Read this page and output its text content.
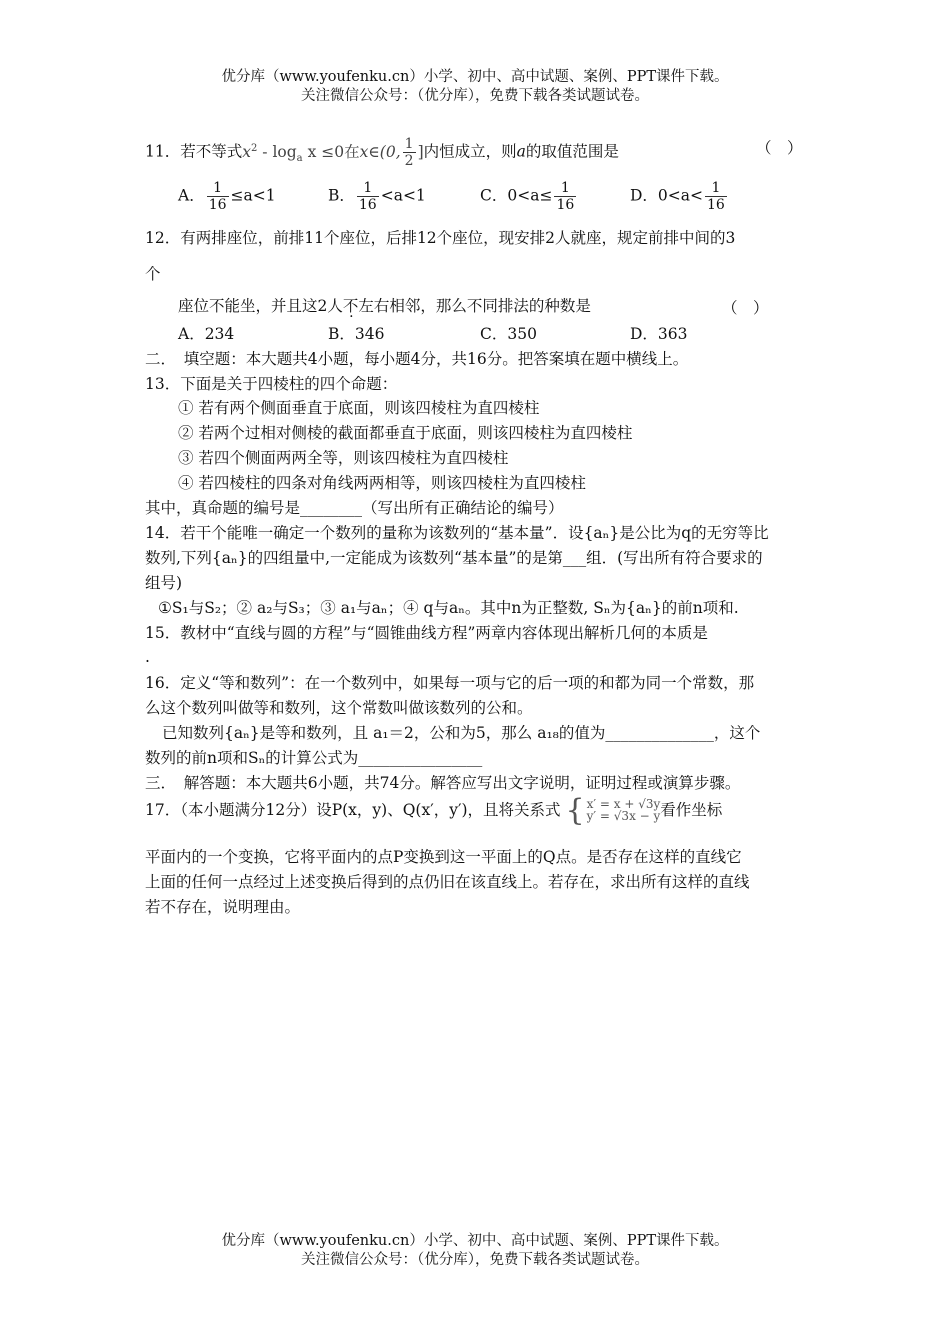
优分库（www.youfenku.cn）小学、初中、高中试题、案例、PPT课件下载。
关注微信公众号：（优分库），免费下载各类试题试卷。
11．若不等式$x^2 - \log_a x \le 0$在x∈(0, $\frac{1}{2}$ ]内恒成立，则a的取值范围是	（　）
A． $\frac{1}{16} \le a<1$	B． $\frac{1}{16} <a<1$	C．$0<a\le \frac{1}{16}$	D．$0<a< \frac{1}{16}$
12．有两排座位，前排11个座位，后排12个座位，现安排2人就座，规定前排中间的3
个
座位不能坐，并且这2人不左右相邻，那么不同排法的种数是	（　）
A．234	B．346	C．350	D．363
二．　填空题：本大题共4小题，每小题4分，共16分。把答案填在题中横线上。
13．下面是关于四棱柱的四个命题：
① 若有两个侧面垂直于底面，则该四棱柱为直四棱柱
② 若两个过相对侧棱的截面都垂直于底面，则该四棱柱为直四棱柱
③ 若四个侧面两两全等，则该四棱柱为直四棱柱
④ 若四棱柱的四条对角线两两相等，则该四棱柱为直四棱柱
其中，真命题的编号是________（写出所有正确结论的编号）
14．若干个能唯一确定一个数列的量称为该数列的“基本量”．设{aₙ}是公比为q的无穷等比
数列,下列{aₙ}的四组量中,一定能成为该数列“基本量”的是第___组．(写出所有符合要求的
组号)
①S₁与S₂；② a₂与S₃；③ a₁与aₙ；④ q与aₙ。其中n为正整数, Sₙ为{aₙ}的前n项和.
15．教材中“直线与圆的方程”与“圆锥曲线方程”两章内容体现出解析几何的本质是
.
16．定义“等和数列”：在一个数列中，如果每一项与它的后一项的和都为同一个常数，那
么这个数列叫做等和数列，这个常数叫做该数列的公和。
已知数列{aₙ}是等和数列，且 a₁＝2，公和为5，那么 a₁₈的值为______________，这个
数列的前n项和Sₙ的计算公式为________________
三．　解答题：本大题共6小题，共74分。解答应写出文字说明，证明过程或演算步骤。
17．（本小题满分12分）设P(x，y)、Q(x′，y′)，且将关系式 { x′ = x + √3y
y′ = √3x − y 看作坐标
平面内的一个变换，它将平面内的点P变换到这一平面上的Q点。是否存在这样的直线它
上面的任何一点经过上述变换后得到的点仍旧在该直线上。若存在，求出所有这样的直线
若不存在，说明理由。
优分库（www.youfenku.cn）小学、初中、高中试题、案例、PPT课件下载。
关注微信公众号：（优分库），免费下载各类试题试卷。
